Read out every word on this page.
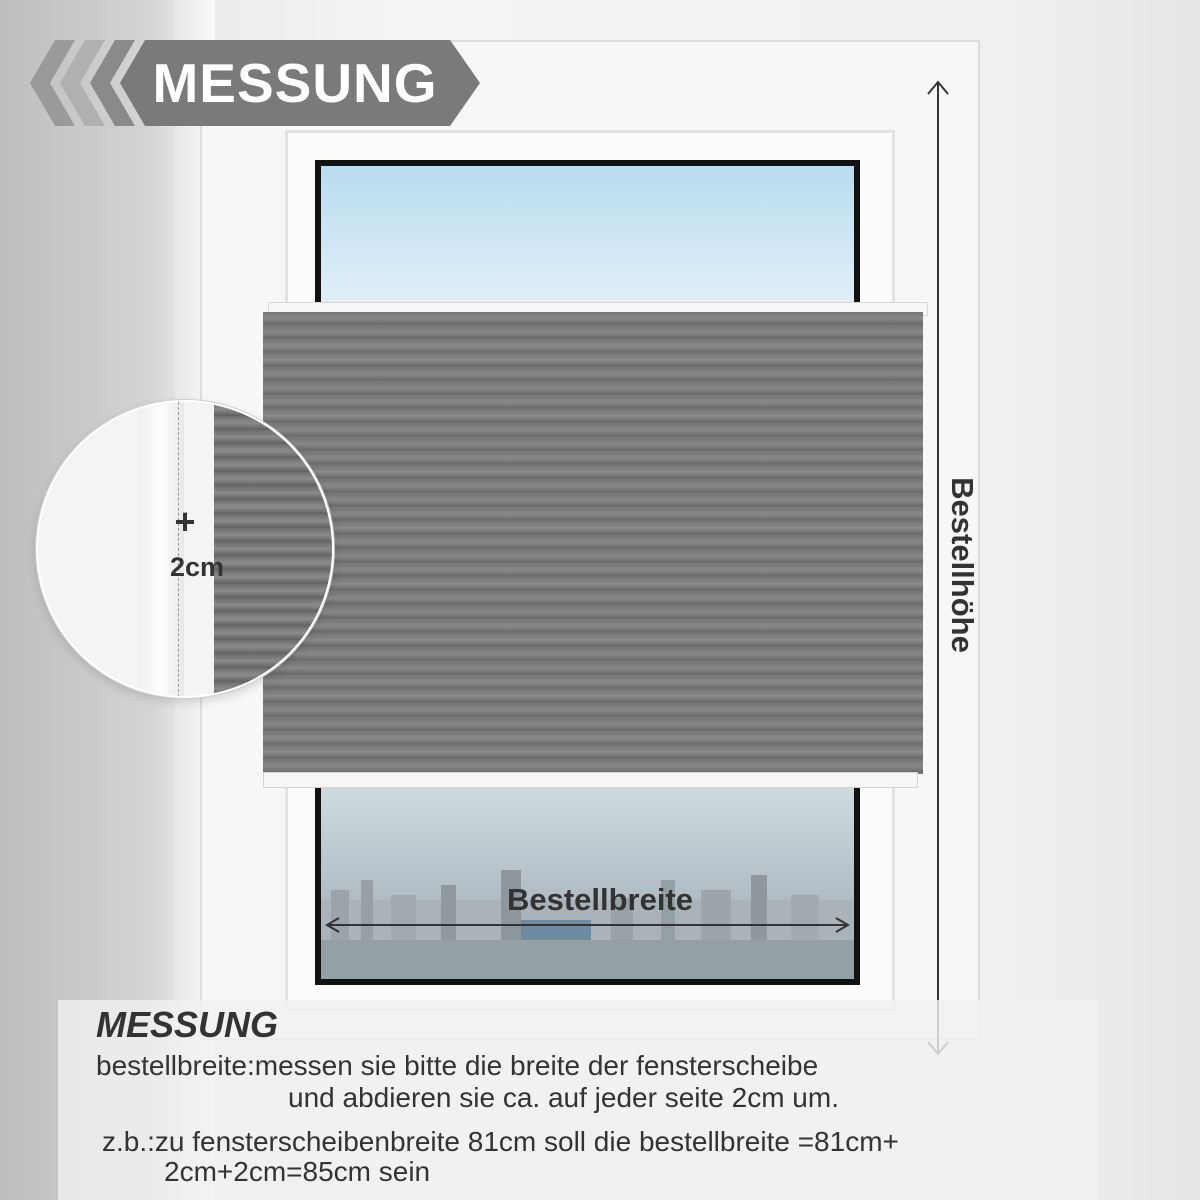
Bestellhöhe
Bestellbreite
MESSUNG
+
2cm
MESSUNG
bestellbreite:messen sie bitte die breite der fensterscheibe
und abdieren sie ca. auf jeder seite 2cm um.
z.b.:zu fensterscheibenbreite 81cm soll die bestellbreite =81cm+
2cm+2cm=85cm sein
